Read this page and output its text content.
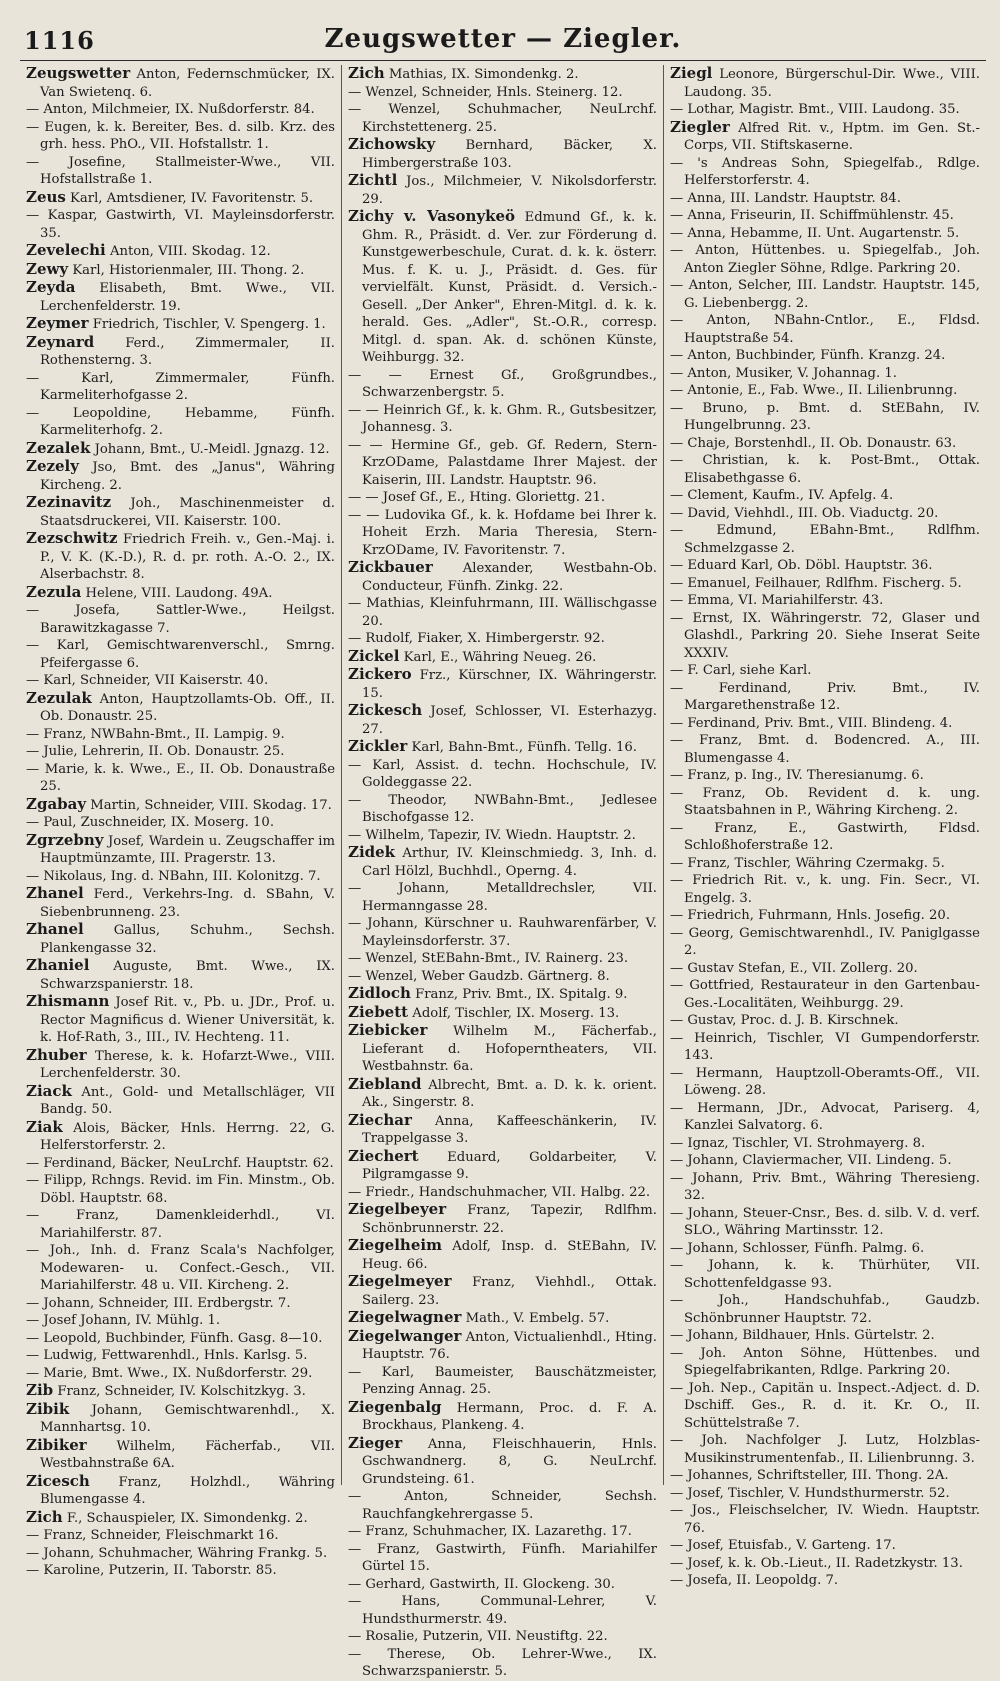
1116	Zeugswetter — Ziegler.

Zeugswetter Anton, Federnschmücker, IX. Van Swietenq. 6.

— Anton, Milchmeier, IX. Nußdorferstr. 84.

— Eugen, k. k. Bereiter, Bes. d. silb. Krz. des grh. hess. PhO., VII. Hofstallstr. 1.

— Josefine, Stallmeister-Wwe., VII. Hofstallstraße 1.

Zeus Karl, Amtsdiener, IV. Favoritenstr. 5.

— Kaspar, Gastwirth, VI. Mayleinsdorferstr. 35.

Zevelechi Anton, VIII. Skodag. 12.

Zewy Karl, Historienmaler, III. Thong. 2.

Zeyda Elisabeth, Bmt. Wwe., VII. Lerchenfelderstr. 19.

Zeymer Friedrich, Tischler, V. Spengerg. 1.

Zeynard Ferd., Zimmermaler, II. Rothensterng. 3.

— Karl, Zimmermaler, Fünfh. Karmeliterhofgasse 2.

— Leopoldine, Hebamme, Fünfh. Karmeliterhofg. 2.

Zezalek Johann, Bmt., U.-Meidl. Jgnazg. 12.

Zezely Jso, Bmt. des „Janus", Währing Kircheng. 2.

Zezinavitz Joh., Maschinenmeister d. Staatsdruckerei, VII. Kaiserstr. 100.

Zezschwitz Friedrich Freih. v., Gen.-Maj. i. P., V. K. (K.-D.), R. d. pr. roth. A.-O. 2., IX. Alserbachstr. 8.

Zezula Helene, VIII. Laudong. 49A.

— Josefa, Sattler-Wwe., Heilgst. Barawitzkagasse 7.

— Karl, Gemischtwarenverschl., Smrng. Pfeifergasse 6.

— Karl, Schneider, VII Kaiserstr. 40.

Zezulak Anton, Hauptzollamts-Ob. Off., II. Ob. Donaustr. 25.

— Franz, NWBahn-Bmt., II. Lampig. 9.

— Julie, Lehrerin, II. Ob. Donaustr. 25.

— Marie, k. k. Wwe., E., II. Ob. Donaustraße 25.

Zgabay Martin, Schneider, VIII. Skodag. 17.

— Paul, Zuschneider, IX. Moserg. 10.

Zgrzebny Josef, Wardein u. Zeugschaffer im Hauptmünzamte, III. Pragerstr. 13.

— Nikolaus, Ing. d. NBahn, III. Kolonitzg. 7.

Zhanel Ferd., Verkehrs-Ing. d. SBahn, V. Siebenbrunneng. 23.

Zhanel Gallus, Schuhm., Sechsh. Plankengasse 32.

Zhaniel Auguste, Bmt. Wwe., IX. Schwarzspanierstr. 18.

Zhismann Josef Rit. v., Pb. u. JDr., Prof. u. Rector Magnificus d. Wiener Universität, k. k. Hof-Rath, 3., III., IV. Hechteng. 11.

Zhuber Therese, k. k. Hofarzt-Wwe., VIII. Lerchenfelderstr. 30.

Ziack Ant., Gold- und Metallschläger, VII Bandg. 50.

Ziak Alois, Bäcker, Hnls. Herrng. 22, G. Helferstorferstr. 2.

— Ferdinand, Bäcker, NeuLrchf. Hauptstr. 62.

— Filipp, Rchngs. Revid. im Fin. Minstm., Ob. Döbl. Hauptstr. 68.

— Franz, Damenkleiderhdl., VI. Mariahilferstr. 87.

— Joh., Inh. d. Franz Scala's Nachfolger, Modewaren- u. Confect.-Gesch., VII. Mariahilferstr. 48 u. VII. Kircheng. 2.

— Johann, Schneider, III. Erdbergstr. 7.

— Josef Johann, IV. Mühlg. 1.

— Leopold, Buchbinder, Fünfh. Gasg. 8—10.

— Ludwig, Fettwarenhdl., Hnls. Karlsg. 5.

— Marie, Bmt. Wwe., IX. Nußdorferstr. 29.

Zib Franz, Schneider, IV. Kolschitzkyg. 3.

Zibik Johann, Gemischtwarenhdl., X. Mannhartsg. 10.

Zibiker Wilhelm, Fächerfab., VII. Westbahnstraße 6A.

Zicesch Franz, Holzhdl., Währing Blumengasse 4.

Zich F., Schauspieler, IX. Simondenkg. 2.

— Franz, Schneider, Fleischmarkt 16.

— Johann, Schuhmacher, Währing Frankg. 5.

— Karoline, Putzerin, II. Taborstr. 85.

Zich Mathias, IX. Simondenkg. 2.

— Wenzel, Schneider, Hnls. Steinerg. 12.

— Wenzel, Schuhmacher, NeuLrchf. Kirchstettenerg. 25.

Zichowsky Bernhard, Bäcker, X. Himbergerstraße 103.

Zichtl Jos., Milchmeier, V. Nikolsdorferstr. 29.

Zichy v. Vasonykeö Edmund Gf., k. k. Ghm. R., Präsidt. d. Ver. zur Förderung d. Kunstgewerbeschule, Curat. d. k. k. österr. Mus. f. K. u. J., Präsidt. d. Ges. für vervielfält. Kunst, Präsidt. d. Versich.-Gesell. „Der Anker", Ehren-Mitgl. d. k. k. herald. Ges. „Adler", St.-O.R., corresp. Mitgl. d. span. Ak. d. schönen Künste, Weihburgg. 32.

— — Ernest Gf., Großgrundbes., Schwarzenbergstr. 5.

— — Heinrich Gf., k. k. Ghm. R., Gutsbesitzer, Johannesg. 3.

— — Hermine Gf., geb. Gf. Redern, Stern-KrzODame, Palastdame Ihrer Majest. der Kaiserin, III. Landstr. Hauptstr. 96.

— — Josef Gf., E., Hting. Gloriettg. 21.

— — Ludovika Gf., k. k. Hofdame bei Ihrer k. Hoheit Erzh. Maria Theresia, Stern-KrzODame, IV. Favoritenstr. 7.

Zickbauer Alexander, Westbahn-Ob. Conducteur, Fünfh. Zinkg. 22.

— Mathias, Kleinfuhrmann, III. Wällischgasse 20.

— Rudolf, Fiaker, X. Himbergerstr. 92.

Zickel Karl, E., Währing Neueg. 26.

Zickero Frz., Kürschner, IX. Währingerstr. 15.

Zickesch Josef, Schlosser, VI. Esterhazyg. 27.

Zickler Karl, Bahn-Bmt., Fünfh. Tellg. 16.

— Karl, Assist. d. techn. Hochschule, IV. Goldeggasse 22.

— Theodor, NWBahn-Bmt., Jedlesee Bischofgasse 12.

— Wilhelm, Tapezir, IV. Wiedn. Hauptstr. 2.

Zidek Arthur, IV. Kleinschmiedg. 3, Inh. d. Carl Hölzl, Buchhdl., Operng. 4.

— Johann, Metalldrechsler, VII. Hermanngasse 28.

— Johann, Kürschner u. Rauhwarenfärber, V. Mayleinsdorferstr. 37.

— Wenzel, StEBahn-Bmt., IV. Rainerg. 23.

— Wenzel, Weber Gaudzb. Gärtnerg. 8.

Zidloch Franz, Priv. Bmt., IX. Spitalg. 9.

Ziebett Adolf, Tischler, IX. Moserg. 13.

Ziebicker Wilhelm M., Fächerfab., Lieferant d. Hofoperntheaters, VII. Westbahnstr. 6a.

Ziebland Albrecht, Bmt. a. D. k. k. orient. Ak., Singerstr. 8.

Ziechar Anna, Kaffeeschänkerin, IV. Trappelgasse 3.

Ziechert Eduard, Goldarbeiter, V. Pilgramgasse 9.

— Friedr., Handschuhmacher, VII. Halbg. 22.

Ziegelbeyer Franz, Tapezir, Rdlfhm. Schönbrunnerstr. 22.

Ziegelheim Adolf, Insp. d. StEBahn, IV. Heug. 66.

Ziegelmeyer Franz, Viehhdl., Ottak. Sailerg. 23.

Ziegelwagner Math., V. Embelg. 57.

Ziegelwanger Anton, Victualienhdl., Hting. Hauptstr. 76.

— Karl, Baumeister, Bauschätzmeister, Penzing Annag. 25.

Ziegenbalg Hermann, Proc. d. F. A. Brockhaus, Plankeng. 4.

Zieger Anna, Fleischhauerin, Hnls. Gschwandnerg. 8, G. NeuLrchf. Grundsteing. 61.

— Anton, Schneider, Sechsh. Rauchfangkehrergasse 5.

— Franz, Schuhmacher, IX. Lazarethg. 17.

— Franz, Gastwirth, Fünfh. Mariahilfer Gürtel 15.

— Gerhard, Gastwirth, II. Glockeng. 30.

— Hans, Communal-Lehrer, V. Hundsthurmerstr. 49.

— Rosalie, Putzerin, VII. Neustiftg. 22.

— Therese, Ob. Lehrer-Wwe., IX. Schwarzspanierstr. 5.

Ziegl Leonore, Bürgerschul-Dir. Wwe., VIII. Laudong. 35.

— Lothar, Magistr. Bmt., VIII. Laudong. 35.

Ziegler Alfred Rit. v., Hptm. im Gen. St.-Corps, VII. Stiftskaserne.

— 's Andreas Sohn, Spiegelfab., Rdlge. Helferstorferstr. 4.

— Anna, III. Landstr. Hauptstr. 84.

— Anna, Friseurin, II. Schiffmühlenstr. 45.

— Anna, Hebamme, II. Unt. Augartenstr. 5.

— Anton, Hüttenbes. u. Spiegelfab., Joh. Anton Ziegler Söhne, Rdlge. Parkring 20.

— Anton, Selcher, III. Landstr. Hauptstr. 145, G. Liebenbergg. 2.

— Anton, NBahn-Cntlor., E., Fldsd. Hauptstraße 54.

— Anton, Buchbinder, Fünfh. Kranzg. 24.

— Anton, Musiker, V. Johannag. 1.

— Antonie, E., Fab. Wwe., II. Lilienbrunng.

— Bruno, p. Bmt. d. StEBahn, IV. Hungelbrunng. 23.

— Chaje, Borstenhdl., II. Ob. Donaustr. 63.

— Christian, k. k. Post-Bmt., Ottak. Elisabethgasse 6.

— Clement, Kaufm., IV. Apfelg. 4.

— David, Viehhdl., III. Ob. Viaductg. 20.

— Edmund, EBahn-Bmt., Rdlfhm. Schmelzgasse 2.

— Eduard Karl, Ob. Döbl. Hauptstr. 36.

— Emanuel, Feilhauer, Rdlfhm. Fischerg. 5.

— Emma, VI. Mariahilferstr. 43.

— Ernst, IX. Währingerstr. 72, Glaser und Glashdl., Parkring 20. Siehe Inserat Seite XXXIV.

— F. Carl, siehe Karl.

— Ferdinand, Priv. Bmt., IV. Margarethenstraße 12.

— Ferdinand, Priv. Bmt., VIII. Blindeng. 4.

— Franz, Bmt. d. Bodencred. A., III. Blumengasse 4.

— Franz, p. Ing., IV. Theresianumg. 6.

— Franz, Ob. Revident d. k. ung. Staatsbahnen in P., Währing Kircheng. 2.

— Franz, E., Gastwirth, Fldsd. Schloßhoferstraße 12.

— Franz, Tischler, Währing Czermakg. 5.

— Friedrich Rit. v., k. ung. Fin. Secr., VI. Engelg. 3.

— Friedrich, Fuhrmann, Hnls. Josefig. 20.

— Georg, Gemischtwarenhdl., IV. Paniglgasse 2.

— Gustav Stefan, E., VII. Zollerg. 20.

— Gottfried, Restaurateur in den Gartenbau-Ges.-Localitäten, Weihburgg. 29.

— Gustav, Proc. d. J. B. Kirschnek.

— Heinrich, Tischler, VI Gumpendorferstr. 143.

— Hermann, Hauptzoll-Oberamts-Off., VII. Löweng. 28.

— Hermann, JDr., Advocat, Pariserg. 4, Kanzlei Salvatorg. 6.

— Ignaz, Tischler, VI. Strohmayerg. 8.

— Johann, Claviermacher, VII. Lindeng. 5.

— Johann, Priv. Bmt., Währing Theresieng. 32.

— Johann, Steuer-Cnsr., Bes. d. silb. V. d. verf. SLO., Währing Martinsstr. 12.

— Johann, Schlosser, Fünfh. Palmg. 6.

— Johann, k. k. Thürhüter, VII. Schottenfeldgasse 93.

— Joh., Handschuhfab., Gaudzb. Schönbrunner Hauptstr. 72.

— Johann, Bildhauer, Hnls. Gürtelstr. 2.

— Joh. Anton Söhne, Hüttenbes. und Spiegelfabrikanten, Rdlge. Parkring 20.

— Joh. Nep., Capitän u. Inspect.-Adject. d. D. Dschiff. Ges., R. d. it. Kr. O., II. Schüttelstraße 7.

— Joh. Nachfolger J. Lutz, Holzblas-Musikinstrumentenfab., II. Lilienbrunng. 3.

— Johannes, Schriftsteller, III. Thong. 2A.

— Josef, Tischler, V. Hundsthurmerstr. 52.

— Jos., Fleischselcher, IV. Wiedn. Hauptstr. 76.

— Josef, Etuisfab., V. Garteng. 17.

— Josef, k. k. Ob.-Lieut., II. Radetzkystr. 13.

— Josefa, II. Leopoldg. 7.
